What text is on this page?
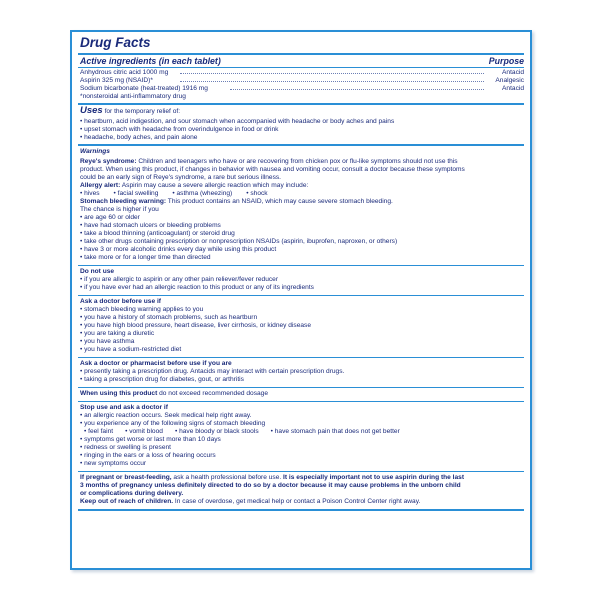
Drug Facts
Active ingredients (in each tablet)	Purpose
Anhydrous citric acid 1000 mg	Antacid
Aspirin 325 mg (NSAID)*	Analgesic
Sodium bicarbonate (heat-treated) 1916 mg	Antacid
*nonsteroidal anti-inflammatory drug
Uses for the temporary relief of:
• heartburn, acid indigestion, and sour stomach when accompanied with headache or body aches and pains
• upset stomach with headache from overindulgence in food or drink
• headache, body aches, and pain alone
Warnings
Reye's syndrome: Children and teenagers who have or are recovering from chicken pox or flu-like symptoms should not use this
product. When using this product, if changes in behavior with nausea and vomiting occur, consult a doctor because these symptoms
could be an early sign of Reye's syndrome, a rare but serious illness.
Allergy alert: Aspirin may cause a severe allergic reaction which may include:
• hives • facial swelling • asthma (wheezing) • shock
Stomach bleeding warning: This product contains an NSAID, which may cause severe stomach bleeding.
The chance is higher if you
• are age 60 or older
• have had stomach ulcers or bleeding problems
• take a blood thinning (anticoagulant) or steroid drug
• take other drugs containing prescription or nonprescription NSAIDs (aspirin, ibuprofen, naproxen, or others)
• have 3 or more alcoholic drinks every day while using this product
• take more or for a longer time than directed
Do not use
• if you are allergic to aspirin or any other pain reliever/fever reducer
• if you have ever had an allergic reaction to this product or any of its ingredients
Ask a doctor before use if
• stomach bleeding warning applies to you
• you have a history of stomach problems, such as heartburn
• you have high blood pressure, heart disease, liver cirrhosis, or kidney disease
• you are taking a diuretic
• you have asthma
• you have a sodium-restricted diet
Ask a doctor or pharmacist before use if you are
• presently taking a prescription drug. Antacids may interact with certain prescription drugs.
• taking a prescription drug for diabetes, gout, or arthritis
When using this product do not exceed recommended dosage
Stop use and ask a doctor if
• an allergic reaction occurs. Seek medical help right away.
• you experience any of the following signs of stomach bleeding
• feel faint • vomit blood • have bloody or black stools • have stomach pain that does not get better
• symptoms get worse or last more than 10 days
• redness or swelling is present
• ringing in the ears or a loss of hearing occurs
• new symptoms occur
If pregnant or breast-feeding, ask a health professional before use. It is especially important not to use aspirin during the last
3 months of pregnancy unless definitely directed to do so by a doctor because it may cause problems in the unborn child
or complications during delivery.
Keep out of reach of children. In case of overdose, get medical help or contact a Poison Control Center right away.
